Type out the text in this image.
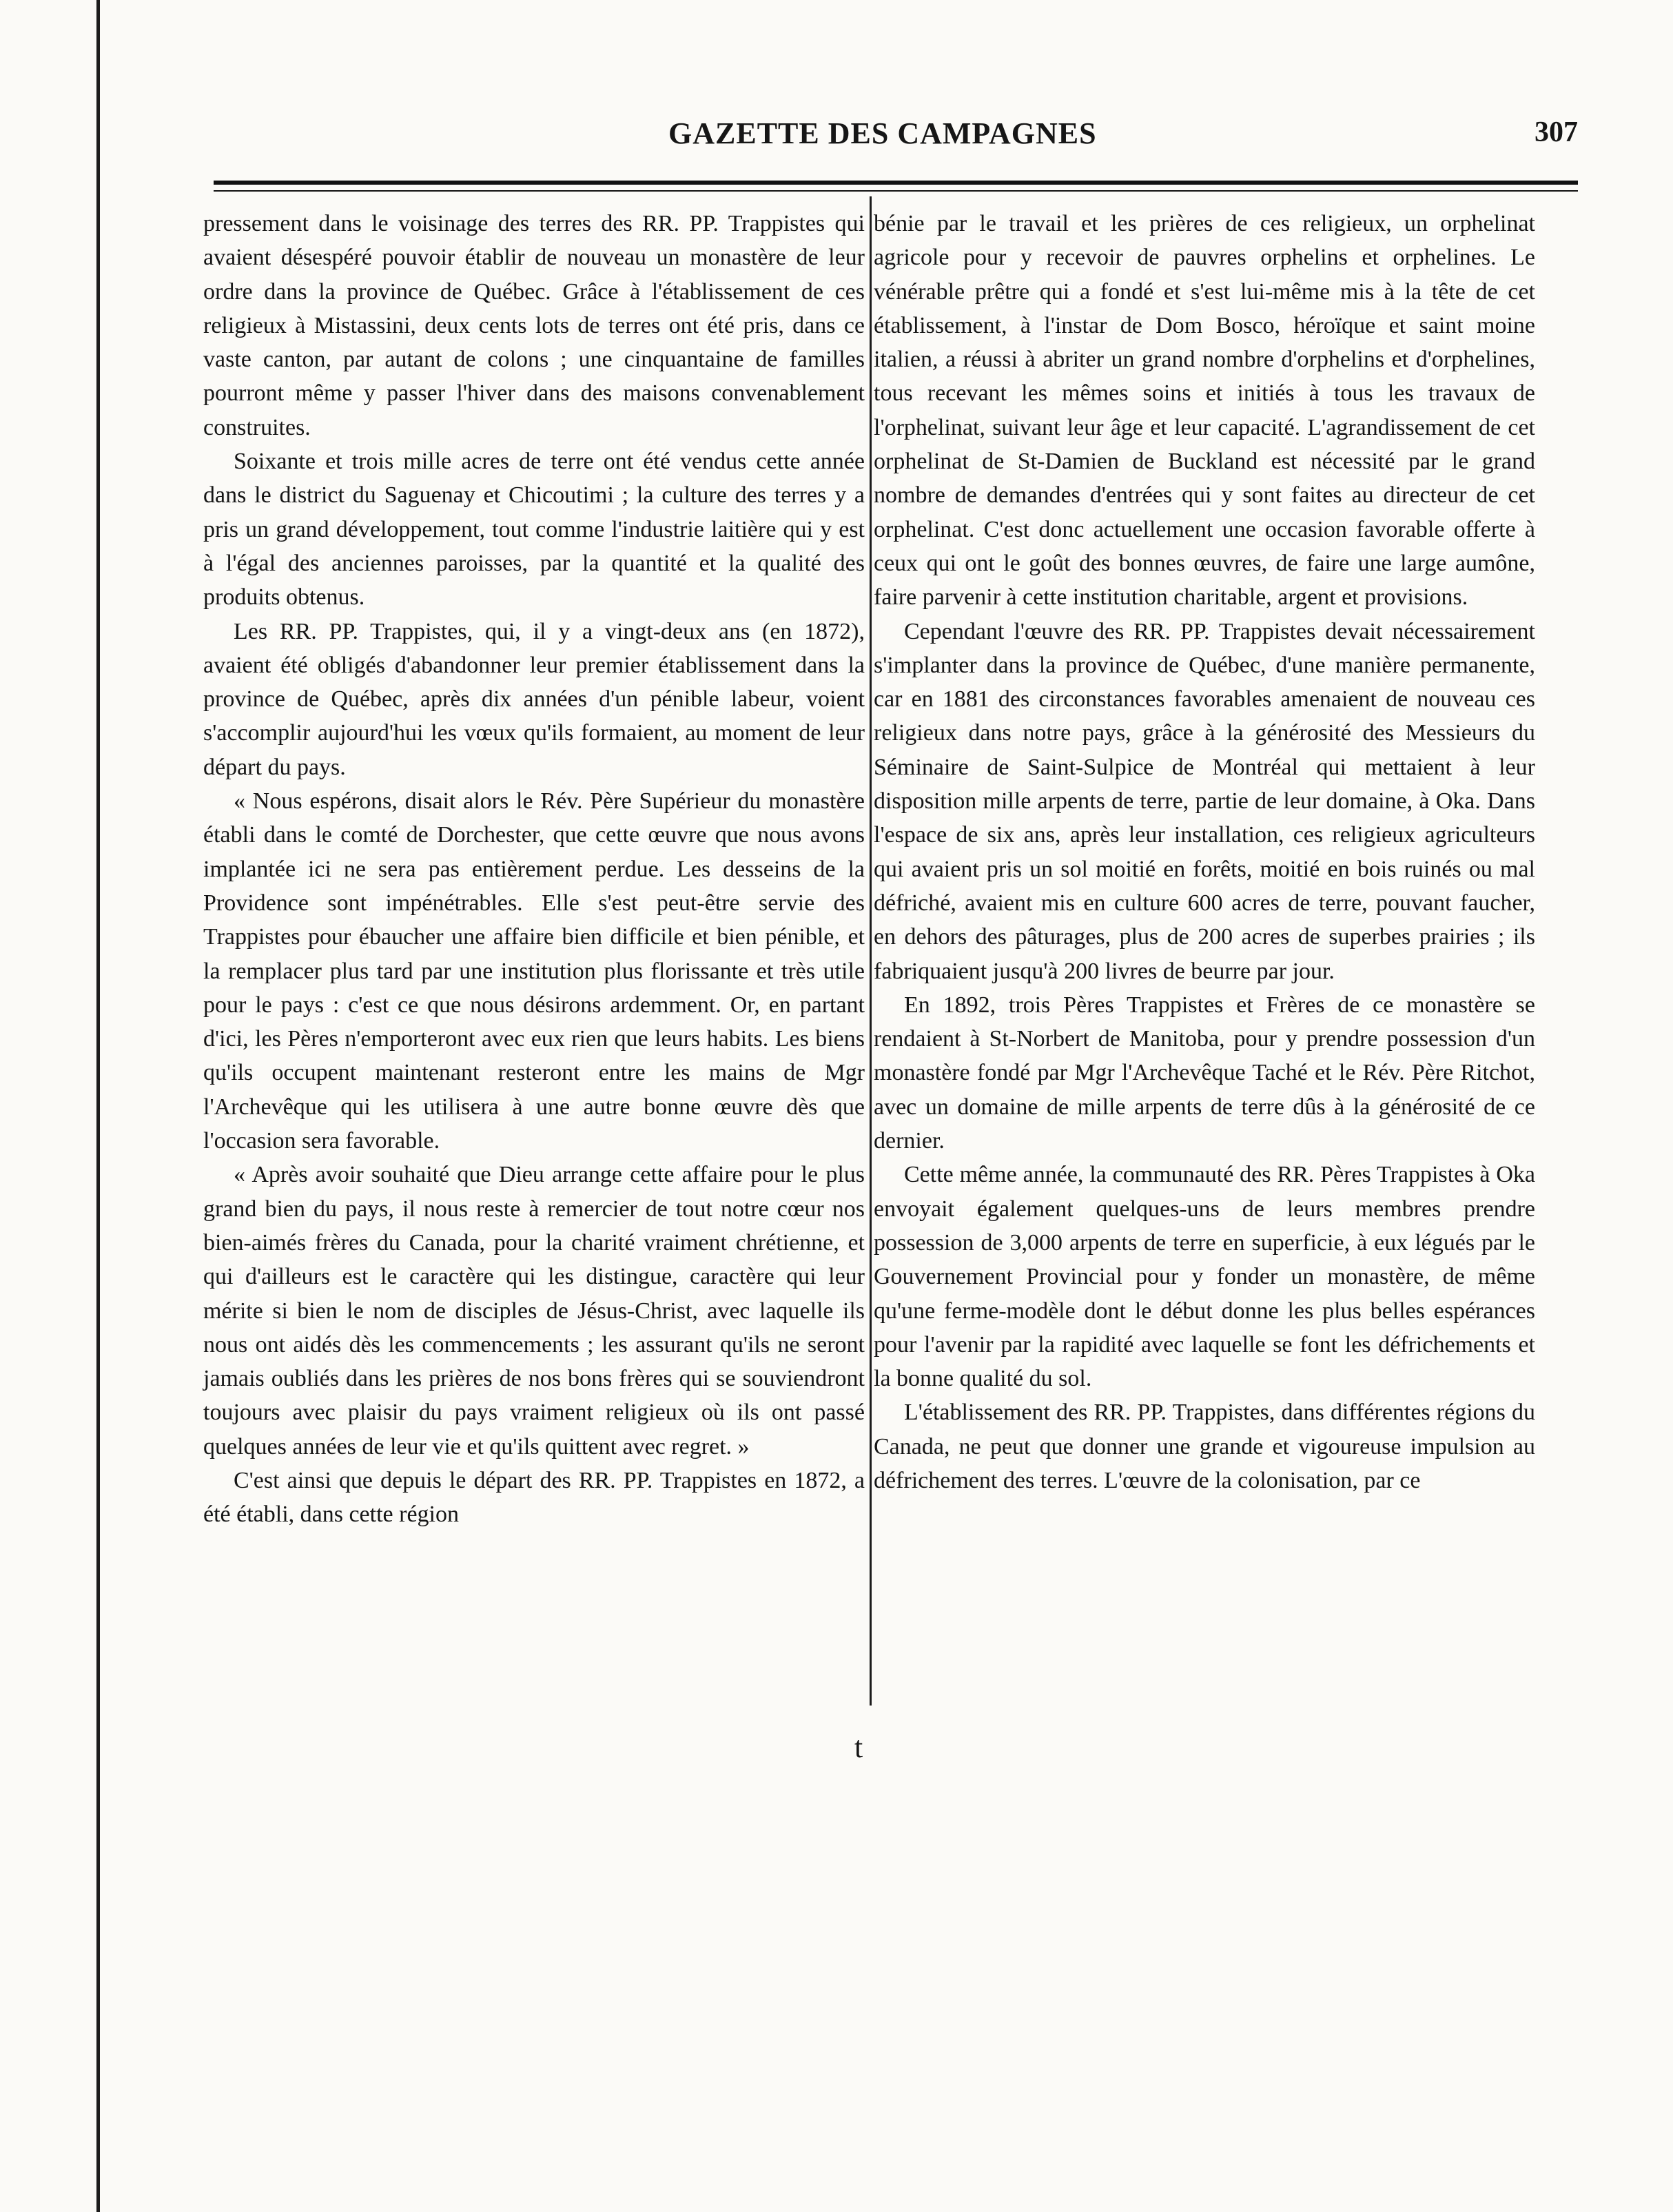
GAZETTE DES CAMPAGNES	307

pressement dans le voisinage des terres des RR. PP. Trappistes qui avaient désespéré pouvoir établir de nouveau un monastère de leur ordre dans la province de Québec. Grâce à l'établissement de ces religieux à Mistassini, deux cents lots de terres ont été pris, dans ce vaste canton, par autant de colons ; une cinquantaine de familles pourront même y passer l'hiver dans des maisons convenablement construites.

Soixante et trois mille acres de terre ont été vendus cette année dans le district du Saguenay et Chicoutimi ; la culture des terres y a pris un grand développement, tout comme l'industrie laitière qui y est à l'égal des anciennes paroisses, par la quantité et la qualité des produits obtenus.

Les RR. PP. Trappistes, qui, il y a vingt-deux ans (en 1872), avaient été obligés d'abandonner leur premier établissement dans la province de Québec, après dix années d'un pénible labeur, voient s'accomplir aujourd'hui les vœux qu'ils formaient, au moment de leur départ du pays.

« Nous espérons, disait alors le Rév. Père Supérieur du monastère établi dans le comté de Dorchester, que cette œuvre que nous avons implantée ici ne sera pas entièrement perdue. Les desseins de la Providence sont impénétrables. Elle s'est peut-être servie des Trappistes pour ébaucher une affaire bien difficile et bien pénible, et la remplacer plus tard par une institution plus florissante et très utile pour le pays : c'est ce que nous désirons ardemment. Or, en partant d'ici, les Pères n'emporteront avec eux rien que leurs habits. Les biens qu'ils occupent maintenant resteront entre les mains de Mgr l'Archevêque qui les utilisera à une autre bonne œuvre dès que l'occasion sera favorable.

« Après avoir souhaité que Dieu arrange cette affaire pour le plus grand bien du pays, il nous reste à remercier de tout notre cœur nos bien-aimés frères du Canada, pour la charité vraiment chrétienne, et qui d'ailleurs est le caractère qui les distingue, caractère qui leur mérite si bien le nom de disciples de Jésus-Christ, avec laquelle ils nous ont aidés dès les commencements ; les assurant qu'ils ne seront jamais oubliés dans les prières de nos bons frères qui se souviendront toujours avec plaisir du pays vraiment religieux où ils ont passé quelques années de leur vie et qu'ils quittent avec regret. »

C'est ainsi que depuis le départ des RR. PP. Trappistes en 1872, a été établi, dans cette région

bénie par le travail et les prières de ces religieux, un orphelinat agricole pour y recevoir de pauvres orphelins et orphelines. Le vénérable prêtre qui a fondé et s'est lui-même mis à la tête de cet établissement, à l'instar de Dom Bosco, héroïque et saint moine italien, a réussi à abriter un grand nombre d'orphelins et d'orphelines, tous recevant les mêmes soins et initiés à tous les travaux de l'orphelinat, suivant leur âge et leur capacité. L'agrandissement de cet orphelinat de St-Damien de Buckland est nécessité par le grand nombre de demandes d'entrées qui y sont faites au directeur de cet orphelinat. C'est donc actuellement une occasion favorable offerte à ceux qui ont le goût des bonnes œuvres, de faire une large aumône, faire parvenir à cette institution charitable, argent et provisions.

Cependant l'œuvre des RR. PP. Trappistes devait nécessairement s'implanter dans la province de Québec, d'une manière permanente, car en 1881 des circonstances favorables amenaient de nouveau ces religieux dans notre pays, grâce à la générosité des Messieurs du Séminaire de Saint-Sulpice de Montréal qui mettaient à leur disposition mille arpents de terre, partie de leur domaine, à Oka. Dans l'espace de six ans, après leur installation, ces religieux agriculteurs qui avaient pris un sol moitié en forêts, moitié en bois ruinés ou mal défriché, avaient mis en culture 600 acres de terre, pouvant faucher, en dehors des pâturages, plus de 200 acres de superbes prairies ; ils fabriquaient jusqu'à 200 livres de beurre par jour.

En 1892, trois Pères Trappistes et Frères de ce monastère se rendaient à St-Norbert de Manitoba, pour y prendre possession d'un monastère fondé par Mgr l'Archevêque Taché et le Rév. Père Ritchot, avec un domaine de mille arpents de terre dûs à la générosité de ce dernier.

Cette même année, la communauté des RR. Pères Trappistes à Oka envoyait également quelques-uns de leurs membres prendre possession de 3,000 arpents de terre en superficie, à eux légués par le Gouvernement Provincial pour y fonder un monastère, de même qu'une ferme-modèle dont le début donne les plus belles espérances pour l'avenir par la rapidité avec laquelle se font les défrichements et la bonne qualité du sol.

L'établissement des RR. PP. Trappistes, dans différentes régions du Canada, ne peut que donner une grande et vigoureuse impulsion au défrichement des terres. L'œuvre de la colonisation, par ce

t
